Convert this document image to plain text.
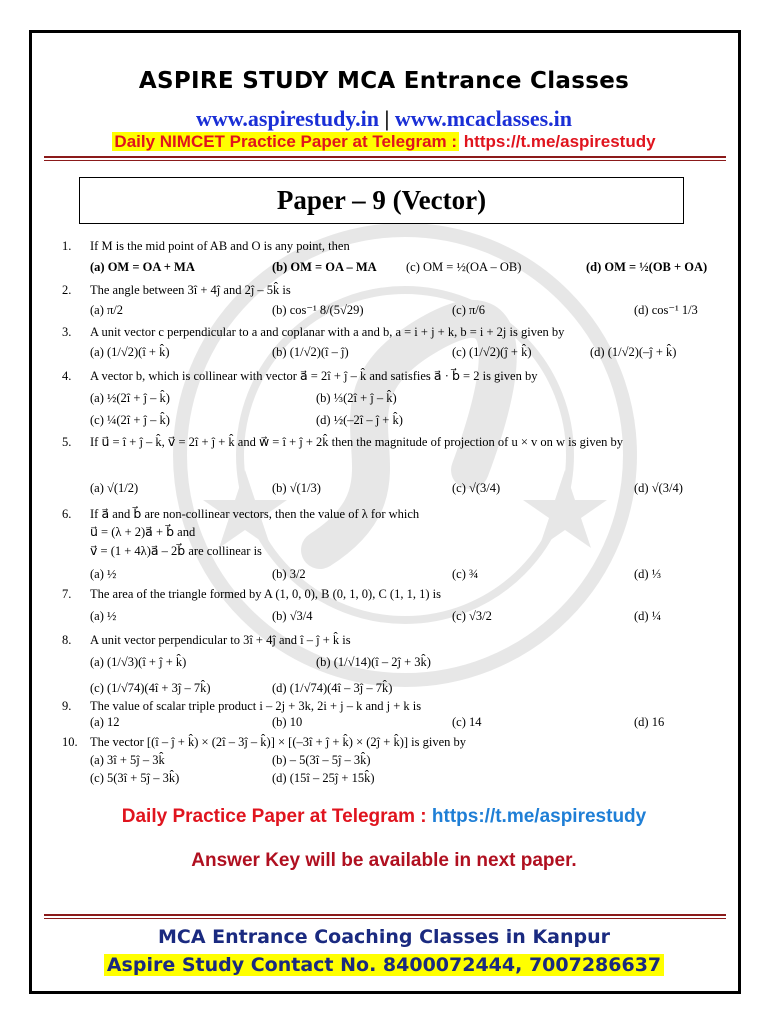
ASPIRE STUDY MCA Entrance Classes
www.aspirestudy.in | www.mcaclasses.in
Daily NIMCET Practice Paper at Telegram : https://t.me/aspirestudy
Paper – 9 (Vector)
1.	If M is the mid point of AB and O is any point, then
(a) OM = OA + MA	(b) OM = OA – MA (c) OM = ½(OA – OB)	(d) OM = ½(OB + OA)
2.	The angle between 3î + 4ĵ and 2ĵ – 5k̂ is
(a) π/2	(b) cos⁻¹ 8/(5√29)	(c) π/6	(d) cos⁻¹ 1/3
3.	A unit vector c perpendicular to a and coplanar with a and b, a = i + j + k, b = i + 2j is given by
(a) (1/√2)(î + k̂)	(b) (1/√2)(î – ĵ)	(c) (1/√2)(ĵ + k̂)	(d) (1/√2)(–ĵ + k̂)
4.	A vector b, which is collinear with vector a⃗ = 2î + ĵ – k̂ and satisfies a⃗ · b⃗ = 2 is given by
(a) ½(2î + ĵ – k̂)	(b) ⅓(2î + ĵ – k̂)
(c) ¼(2î + ĵ – k̂)	(d) ½(–2î – ĵ + k̂)
5.	If u⃗ = î + ĵ – k̂, v⃗ = 2î + ĵ + k̂ and w⃗ = î + ĵ + 2k̂ then the magnitude of projection of u × v on w is given by
(a) √(1/2)	(b) √(1/3)	(c) √(3/4)	(d) √(3/4)
6.	If a⃗ and b⃗ are non-collinear vectors, then the value of λ for which
u⃗ = (λ + 2)a⃗ + b⃗ and
v⃗ = (1 + 4λ)a⃗ – 2b⃗ are collinear is
(a) ½	(b) 3/2	(c) ¾	(d) ⅓
7.	The area of the triangle formed by A (1, 0, 0), B (0, 1, 0), C (1, 1, 1) is
(a) ½	(b) √3/4	(c) √3/2	(d) ¼
8.	A unit vector perpendicular to 3î + 4ĵ and î – ĵ + k̂ is
(a) (1/√3)(î + ĵ + k̂)	(b) (1/√14)(î – 2ĵ + 3k̂)
(c) (1/√74)(4î + 3ĵ – 7k̂)	(d) (1/√74)(4î – 3ĵ – 7k̂)
9.	The value of scalar triple product i – 2j + 3k, 2i + j – k and j + k is
(a) 12	(b) 10	(c) 14	(d) 16
10. The vector [(î – ĵ + k̂) × (2î – 3ĵ – k̂)] × [(–3î + ĵ + k̂) × (2ĵ + k̂)] is given by
(a) 3î + 5ĵ – 3k̂	(b) – 5(3î – 5ĵ – 3k̂)
(c) 5(3î + 5ĵ – 3k̂)	(d) (15î – 25ĵ + 15k̂)
Daily Practice Paper at Telegram : https://t.me/aspirestudy
Answer Key will be available in next paper.
MCA Entrance Coaching Classes in Kanpur
Aspire Study Contact No. 8400072444, 7007286637
